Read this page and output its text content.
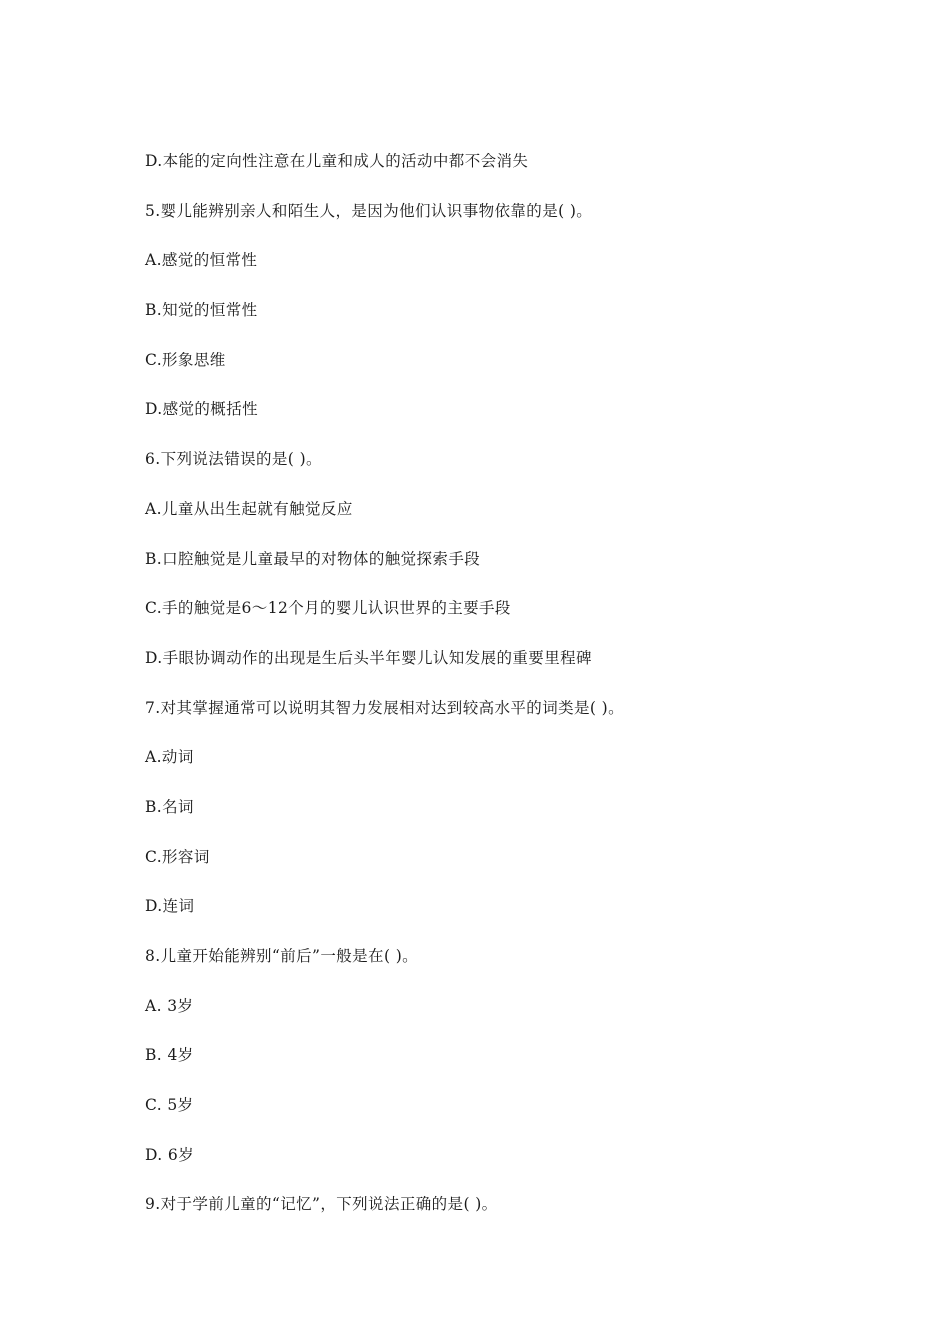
D.本能的定向性注意在儿童和成人的活动中都不会消失
5.婴儿能辨别亲人和陌生人，是因为他们认识事物依靠的是( )。
A.感觉的恒常性
B.知觉的恒常性
C.形象思维
D.感觉的概括性
6.下列说法错误的是( )。
A.儿童从出生起就有触觉反应
B.口腔触觉是儿童最早的对物体的触觉探索手段
C.手的触觉是6～12个月的婴儿认识世界的主要手段
D.手眼协调动作的出现是生后头半年婴儿认知发展的重要里程碑
7.对其掌握通常可以说明其智力发展相对达到较高水平的词类是( )。
A.动词
B.名词
C.形容词
D.连词
8.儿童开始能辨别“前后”一般是在( )。
A. 3岁
B. 4岁
C. 5岁
D. 6岁
9.对于学前儿童的“记忆”，下列说法正确的是( )。
